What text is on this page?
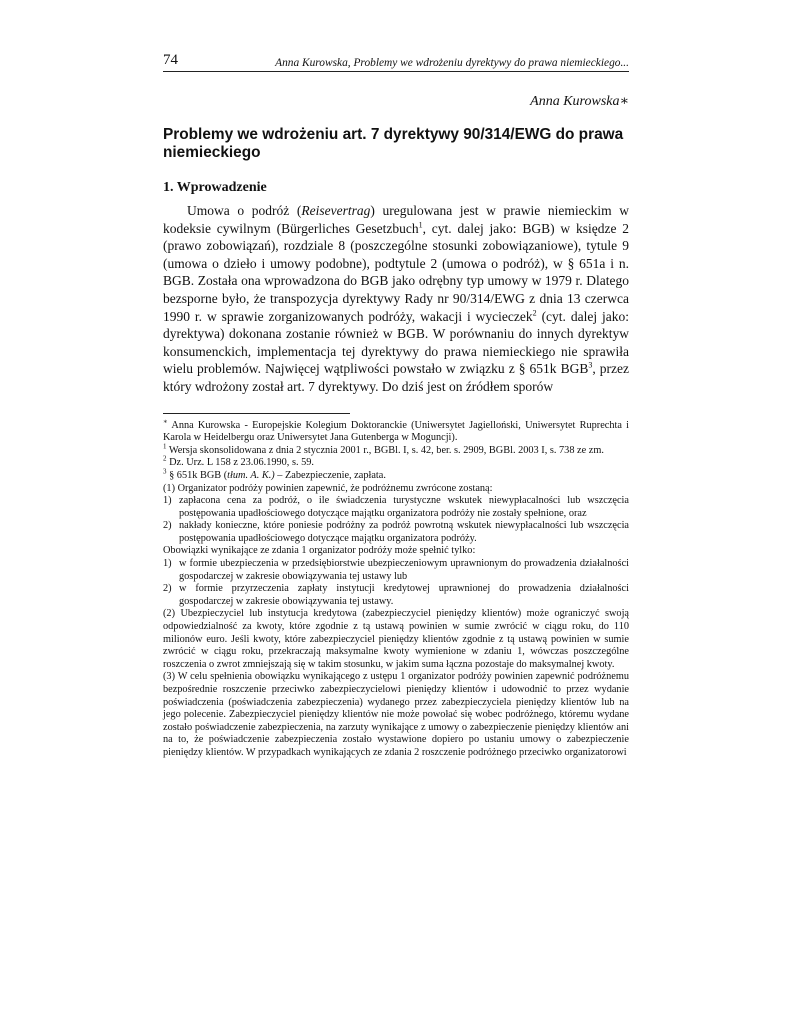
74	Anna Kurowska, Problemy we wdrożeniu dyrektywy do prawa niemieckiego...
Anna Kurowska∗
Problemy we wdrożeniu art. 7 dyrektywy 90/314/EWG do prawa niemieckiego
1. Wprowadzenie

Umowa o podróż (Reisevertrag) uregulowana jest w prawie niemieckim w kodeksie cywilnym (Bürgerliches Gesetzbuch$^1$, cyt. dalej jako: BGB) w księdze 2 (prawo zobowiązań), rozdziale 8 (poszczególne stosunki zobowiązaniowe), tytule 9 (umowa o dzieło i umowy podobne), podtytule 2 (umowa o podróż), w § 651a i n. BGB. Została ona wprowadzona do BGB jako odrębny typ umowy w 1979 r. Dlatego bezsporne było, że transpozycja dyrektywy Rady nr 90/314/EWG z dnia 13 czerwca 1990 r. w sprawie zorganizowanych podróży, wakacji i wycieczek$^2$ (cyt. dalej jako: dyrektywa) dokonana zostanie również w BGB. W porównaniu do innych dyrektyw konsumenckich, implementacja tej dyrektywy do prawa niemieckiego nie sprawiła wielu problemów. Najwięcej wątpliwości powstało w związku z § 651k BGB$^3$, przez który wdrożony został art. 7 dyrektywy. Do dziś jest on źródłem sporów

∗ Anna Kurowska - Europejskie Kolegium Doktoranckie (Uniwersytet Jagielloński, Uniwersytet Ruprechta i Karola w Heidelbergu oraz Uniwersytet Jana Gutenberga w Moguncji).

$^1$ Wersja skonsolidowana z dnia 2 stycznia 2001 r., BGBl. I, s. 42, ber. s. 2909, BGBl. 2003 I, s. 738 ze zm.

$^2$ Dz. Urz. L 158 z 23.06.1990, s. 59.

$^3$ § 651k BGB (tłum. A. K.) – Zabezpieczenie, zapłata.

(1) Organizator podróży powinien zapewnić, że podróżnemu zwrócone zostaną:

1) zapłacona cena za podróż, o ile świadczenia turystyczne wskutek niewypłacalności lub wszczęcia postępowania upadłościowego dotyczące majątku organizatora podróży nie zostały spełnione, oraz
2) nakłady konieczne, które poniesie podróżny za podróż powrotną wskutek niewypłacalności lub wszczęcia postępowania upadłościowego dotyczące majątku organizatora podróży.

Obowiązki wynikające ze zdania 1 organizator podróży może spełnić tylko:

1) w formie ubezpieczenia w przedsiębiorstwie ubezpieczeniowym uprawnionym do prowadzenia działalności gospodarczej w zakresie obowiązywania tej ustawy lub
2) w formie przyrzeczenia zapłaty instytucji kredytowej uprawnionej do prowadzenia działalności gospodarczej w zakresie obowiązywania tej ustawy.

(2) Ubezpieczyciel lub instytucja kredytowa (zabezpieczyciel pieniędzy klientów) może ograniczyć swoją odpowiedzialność za kwoty, które zgodnie z tą ustawą powinien w sumie zwrócić w ciągu roku, do 110 milionów euro. Jeśli kwoty, które zabezpieczyciel pieniędzy klientów zgodnie z tą ustawą powinien w sumie zwrócić w ciągu roku, przekraczają maksymalne kwoty wymienione w zdaniu 1, wówczas poszczególne roszczenia o zwrot zmniejszają się w takim stosunku, w jakim suma łączna pozostaje do maksymalnej kwoty.

(3) W celu spełnienia obowiązku wynikającego z ustępu 1 organizator podróży powinien zapewnić podróżnemu bezpośrednie roszczenie przeciwko zabezpieczycielowi pieniędzy klientów i udowodnić to przez wydanie poświadczenia (poświadczenia zabezpieczenia) wydanego przez zabezpieczyciela pieniędzy klientów lub na jego polecenie. Zabezpieczyciel pieniędzy klientów nie może powołać się wobec podróżnego, któremu wydane zostało poświadczenie zabezpieczenia, na zarzuty wynikające z umowy o zabezpieczenie pieniędzy klientów ani na to, że poświadczenie zabezpieczenia zostało wystawione dopiero po ustaniu umowy o zabezpieczenie pieniędzy klientów. W przypadkach wynikających ze zdania 2 roszczenie podróżnego przeciwko organizatorowi
